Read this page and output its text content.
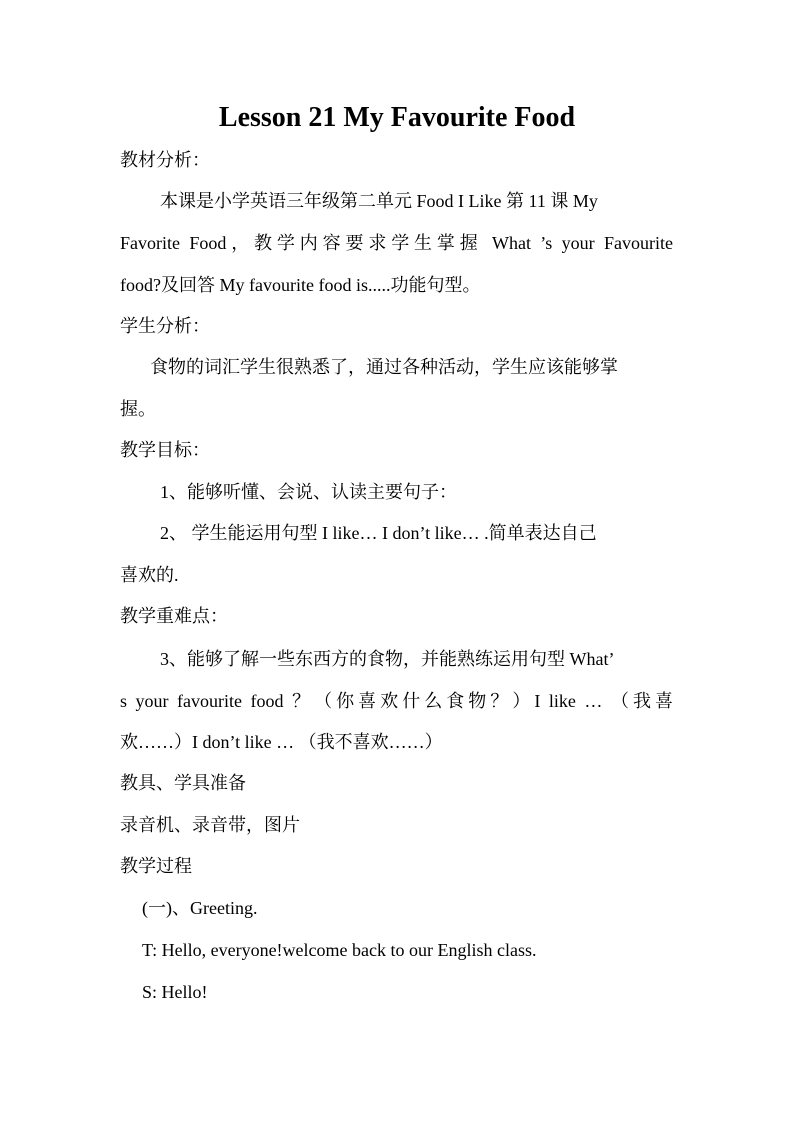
Lesson 21 My Favourite Food
教材分析：
本课是小学英语三年级第二单元 Food I Like 第 11 课 My
Favorite Food，教学内容要求学生掌握 What ’s your Favourite
food?及回答 My favourite food is.....功能句型。
学生分析：
食物的词汇学生很熟悉了，通过各种活动，学生应该能够掌
握。
教学目标：
1、能够听懂、会说、认读主要句子：
2、 学生能运用句型 I like… I don’t like… .简单表达自己
喜欢的.
教学重难点：
3、能够了解一些东西方的食物，并能熟练运用句型 What’
s your favourite food ？（你喜欢什么食物？）I like … （我喜
欢……）I don’t like … （我不喜欢……）
教具、学具准备
录音机、录音带，图片
教学过程
(一)、Greeting.
T: Hello, everyone!welcome back to our English class.
S: Hello!
